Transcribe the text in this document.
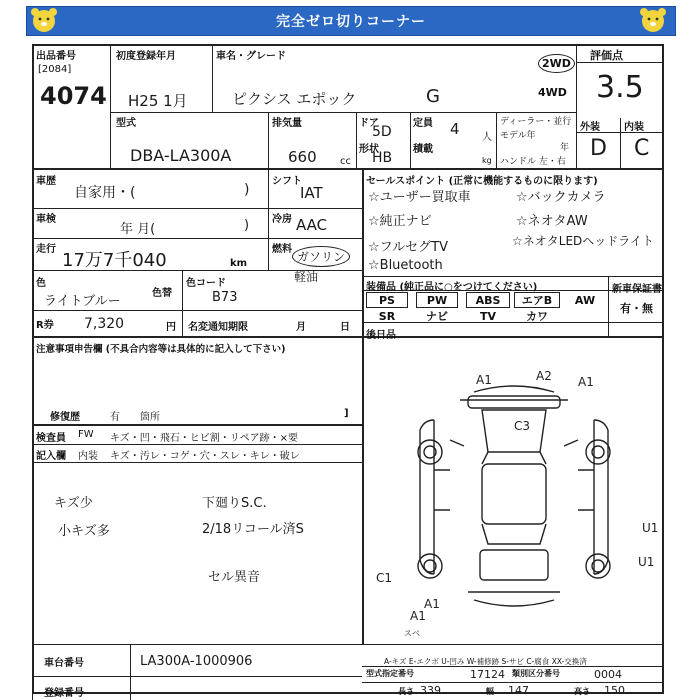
完全ゼロ切りコーナー
出品番号
[2084]
4074
初度登録年月
H25 1月
車名・グレード
ピクシス エポック	G
2WD
4WD
評価点
3.5
型式
DBA-LA300A
排気量
660 cc
ドア
5D
形状
HB
定員 4 人
積載
kg
ディーラー・並行
モデル年
年
ハンドル 左・右
外装 内装
D C
車歴
自家用・(	)
シフト
IAT
車検
年 月(	) 冷房 AAC
走行
17万7千040	km
燃料
ガソリン
軽油
色
ライトブルー
色替
色コード
B73
R券 7,320	円 名変通知期限	月	日
注意事項申告欄 (不具合内容等は具体的に記入して下さい)
修復歴	有 箇所	]
検査員
記入欄
FW キズ・凹・飛石・ヒビ割・リペア跡・×要
内装 キズ・汚レ・コゲ・穴・スレ・キレ・破レ
キズ少
小キズ多
下廻りS.C.
2/18リコール済S
セル異音
セールスポイント (正常に機能するものに限ります)
☆ユーザー買取車	☆バックカメラ
☆純正ナビ	☆ネオタAW
☆フルセグTV	☆ネオタLEDヘッドライト
☆Bluetooth
装備品 (純正品に○をつけてください)
PS	PW	ABS	エアB	AW
SR	ナビ	TV	カワ
新車保証書
有・無
後日品
A1	A2 A1
C3
U1
U1
C1
A1
A1
スベ
A-キズ E-エクボ U-凹み W-補修跡 S-サビ C-腐食 XX-交換済
車台番号	LA300A-1000906
登録番号
型式指定番号	17124 類別区分番号	0004
長さ 339	幅 147	高さ 150
